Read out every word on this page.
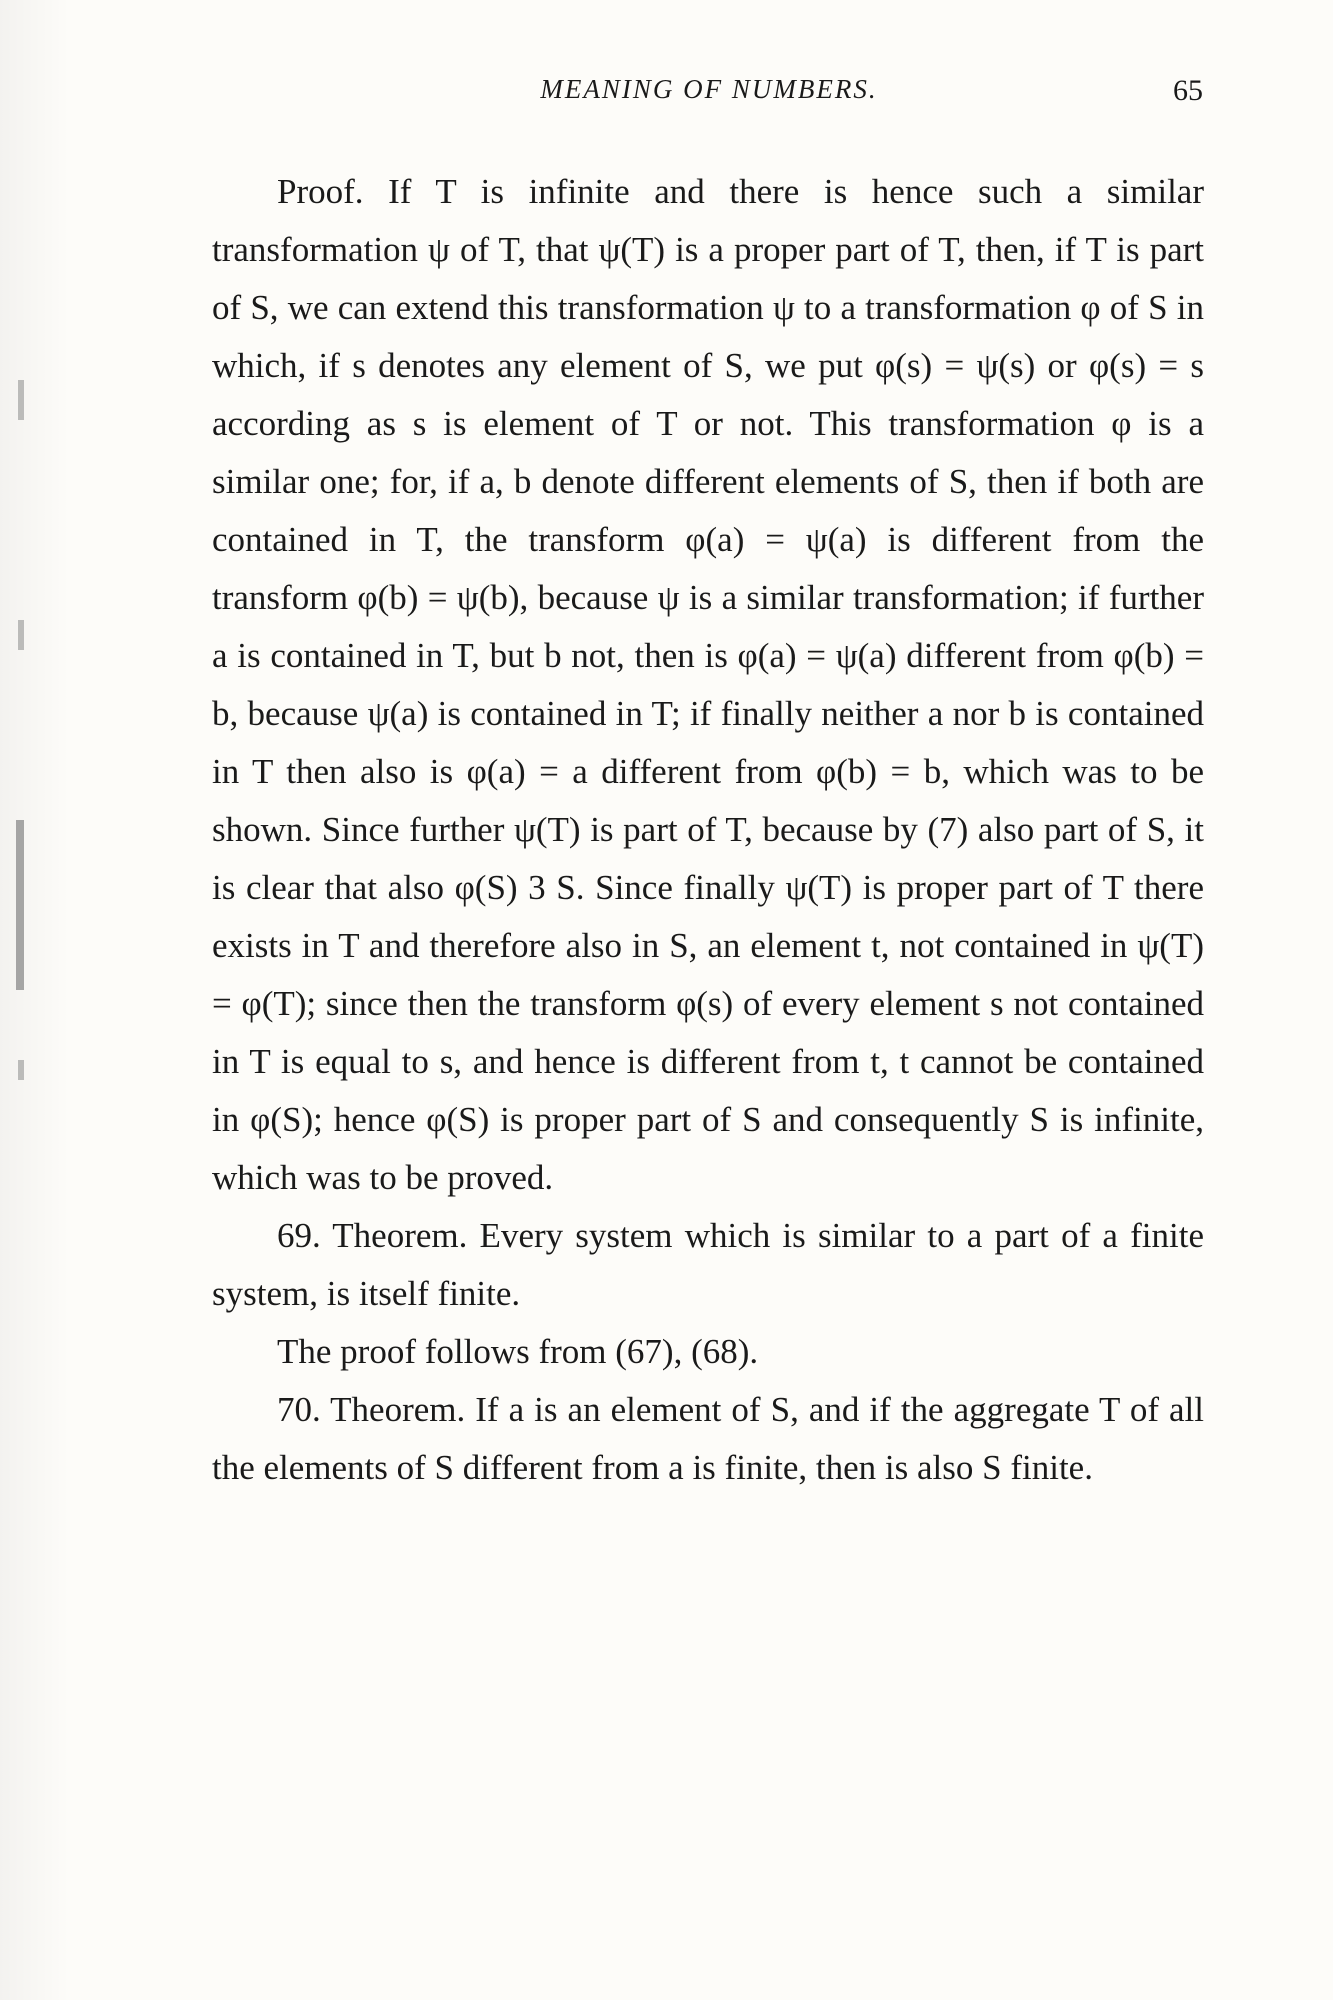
MEANING OF NUMBERS.	65

Proof. If T is infinite and there is hence such a similar transformation ψ of T, that ψ(T) is a proper part of T, then, if T is part of S, we can extend this transformation ψ to a transformation φ of S in which, if s denotes any element of S, we put φ(s) = ψ(s) or φ(s) = s according as s is element of T or not. This transformation φ is a similar one; for, if a, b denote different elements of S, then if both are contained in T, the transform φ(a) = ψ(a) is different from the transform φ(b) = ψ(b), because ψ is a similar transformation; if further a is contained in T, but b not, then is φ(a) = ψ(a) different from φ(b) = b, because ψ(a) is contained in T; if finally neither a nor b is contained in T then also is φ(a) = a different from φ(b) = b, which was to be shown. Since further ψ(T) is part of T, because by (7) also part of S, it is clear that also φ(S) 3 S. Since finally ψ(T) is proper part of T there exists in T and therefore also in S, an element t, not contained in ψ(T) = φ(T); since then the transform φ(s) of every element s not contained in T is equal to s, and hence is different from t, t cannot be contained in φ(S); hence φ(S) is proper part of S and consequently S is infinite, which was to be proved.

69. Theorem. Every system which is similar to a part of a finite system, is itself finite.

The proof follows from (67), (68).

70. Theorem. If a is an element of S, and if the aggregate T of all the elements of S different from a is finite, then is also S finite.
